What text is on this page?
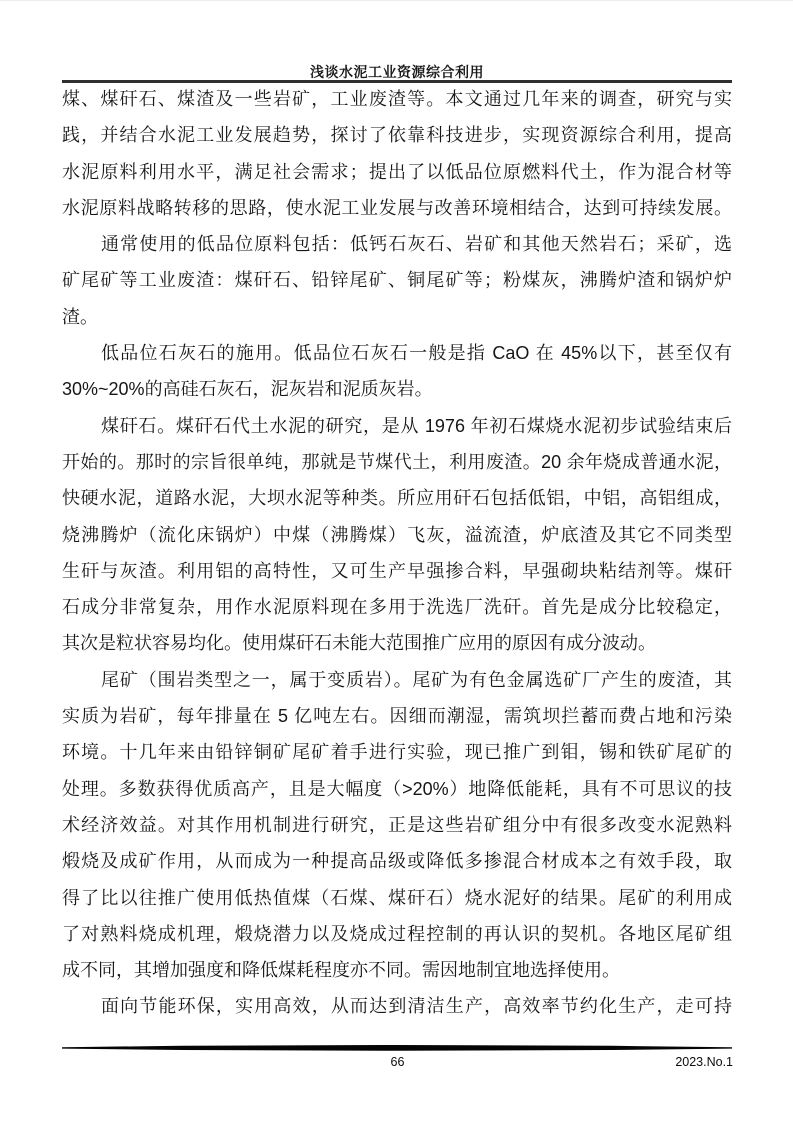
浅谈水泥工业资源综合利用
煤、煤矸石、煤渣及一些岩矿，工业废渣等。本文通过几年来的调查，研究与实
践，并结合水泥工业发展趋势，探讨了依靠科技进步，实现资源综合利用，提高
水泥原料利用水平，满足社会需求；提出了以低品位原燃料代土，作为混合材等
水泥原料战略转移的思路，使水泥工业发展与改善环境相结合，达到可持续发展。
通常使用的低品位原料包括：低钙石灰石、岩矿和其他天然岩石；采矿，选
矿尾矿等工业废渣：煤矸石、铅锌尾矿、铜尾矿等；粉煤灰，沸腾炉渣和锅炉炉
渣。
低品位石灰石的施用。低品位石灰石一般是指 CaO 在 45%以下，甚至仅有
30%~20%的高硅石灰石，泥灰岩和泥质灰岩。
煤矸石。煤矸石代土水泥的研究，是从 1976 年初石煤烧水泥初步试验结束后
开始的。那时的宗旨很单纯，那就是节煤代土，利用废渣。20 余年烧成普通水泥，
快硬水泥，道路水泥，大坝水泥等种类。所应用矸石包括低铝，中铝，高铝组成，
烧沸腾炉（流化床锅炉）中煤（沸腾煤）飞灰，溢流渣，炉底渣及其它不同类型
生矸与灰渣。利用铝的高特性，又可生产早强掺合料，早强砌块粘结剂等。煤矸
石成分非常复杂，用作水泥原料现在多用于洗选厂洗矸。首先是成分比较稳定，
其次是粒状容易均化。使用煤矸石未能大范围推广应用的原因有成分波动。
尾矿（围岩类型之一，属于变质岩）。尾矿为有色金属选矿厂产生的废渣，其
实质为岩矿，每年排量在 5 亿吨左右。因细而潮湿，需筑坝拦蓄而费占地和污染
环境。十几年来由铅锌铜矿尾矿着手进行实验，现已推广到钼，锡和铁矿尾矿的
处理。多数获得优质高产，且是大幅度（>20%）地降低能耗，具有不可思议的技
术经济效益。对其作用机制进行研究，正是这些岩矿组分中有很多改变水泥熟料
煅烧及成矿作用，从而成为一种提高品级或降低多掺混合材成本之有效手段，取
得了比以往推广使用低热值煤（石煤、煤矸石）烧水泥好的结果。尾矿的利用成
了对熟料烧成机理，煅烧潜力以及烧成过程控制的再认识的契机。各地区尾矿组
成不同，其增加强度和降低煤耗程度亦不同。需因地制宜地选择使用。
面向节能环保，实用高效，从而达到清洁生产，高效率节约化生产，走可持
66	2023.No.1
